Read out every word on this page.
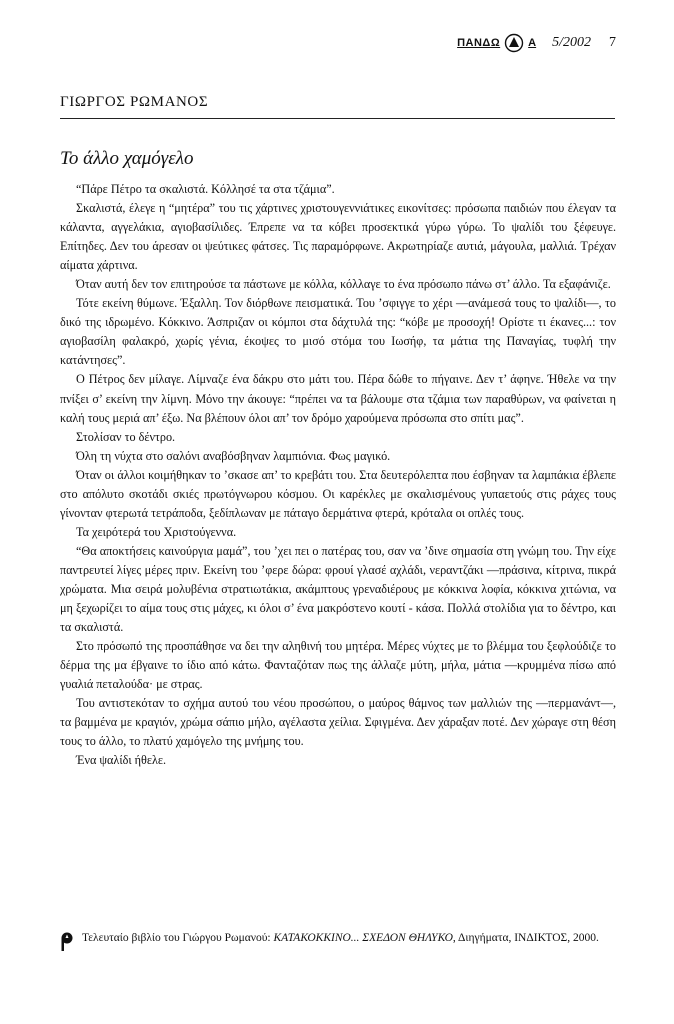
ΠΑΝΔΩ	Α 5/2002 7
ΓΙΩΡΓΟΣ ΡΩΜΑΝΟΣ
Το άλλο χαμόγελο

“Πάρε Πέτρο τα σκαλιστά. Κόλλησέ τα στα τζάμια”.

Σκαλιστά, έλεγε η “μητέρα” του τις χάρτινες χριστουγεννιάτικες εικονίτσες: πρόσωπα παιδιών που έλεγαν τα κάλαντα, αγγελάκια, αγιοβασίλιδες. Έπρεπε να τα κόβει προσεκτικά γύρω γύρω. Το ψαλίδι του ξέφευγε. Επίτηδες. Δεν του άρεσαν οι ψεύτικες φάτσες. Τις παραμόρφωνε. Ακρωτηρίαζε αυτιά, μάγουλα, μαλλιά. Τρέχαν αίματα χάρτινα.

Όταν αυτή δεν τον επιτηρούσε τα πάστωνε με κόλλα, κόλλαγε το ένα πρόσωπο πάνω στ’ άλλο. Τα εξαφάνιζε.

Τότε εκείνη θύμωνε. Έξαλλη. Τον διόρθωνε πεισματικά. Του ’σφιγγε το χέρι —ανάμεσά τους το ψαλίδι—, το δικό της ιδρωμένο. Κόκκινο. Άσπριζαν οι κόμποι στα δάχτυλά της: “κόβε με προσοχή! Ορίστε τι έκανες...: τον αγιοβασίλη φαλακρό, χωρίς γένια, έκοψες το μισό στόμα του Ιωσήφ, τα μάτια της Παναγίας, τυφλή την κατάντησες”.

Ο Πέτρος δεν μίλαγε. Λίμναζε ένα δάκρυ στο μάτι του. Πέρα δώθε το πήγαινε. Δεν τ’ άφηνε. Ήθελε να την πνίξει σ’ εκείνη την λίμνη. Μόνο την άκουγε: “πρέπει να τα βάλουμε στα τζάμια των παραθύρων, να φαίνεται η καλή τους μεριά απ’ έξω. Να βλέπουν όλοι απ’ τον δρόμο χαρούμενα πρόσωπα στο σπίτι μας”.

Στολίσαν το δέντρο.

Όλη τη νύχτα στο σαλόνι αναβόσβηναν λαμπιόνια. Φως μαγικό.

Όταν οι άλλοι κοιμήθηκαν το ’σκασε απ’ το κρεβάτι του. Στα δευτερόλεπτα που έσβηναν τα λαμπάκια έβλεπε στο απόλυτο σκοτάδι σκιές πρωτόγνωρου κόσμου. Οι καρέκλες με σκαλισμένους γυπαετούς στις ράχες τους γίνονταν φτερωτά τετράποδα, ξεδίπλωναν με πάταγο δερμάτινα φτερά, κρόταλα οι οπλές τους.

Τα χειρότερά του Χριστούγεννα.

“Θα αποκτήσεις καινούργια μαμά”, του ’χει πει ο πατέρας του, σαν να ’δινε σημασία στη γνώμη του. Την είχε παντρευτεί λίγες μέρες πριν. Εκείνη του ’φερε δώρα: φρουί γλασέ αχλάδι, νεραντζάκι —πράσινα, κίτρινα, πικρά χρώματα. Μια σειρά μολυβένια στρατιωτάκια, ακάμπτους γρεναδιέρους με κόκκινα λοφία, κόκκινα χιτώνια, να μη ξεχωρίζει το αίμα τους στις μάχες, κι όλοι σ’ ένα μακρόστενο κουτί - κάσα. Πολλά στολίδια για το δέντρο, και τα σκαλιστά.

Στο πρόσωπό της προσπάθησε να δει την αληθινή του μητέρα. Μέρες νύχτες με το βλέμμα του ξεφλούδιζε το δέρμα της μα έβγαινε το ίδιο από κάτω. Φανταζόταν πως της άλλαζε μύτη, μήλα, μάτια —κρυμμένα πίσω από γυαλιά πεταλούδα· με στρας.

Του αντιστεκόταν το σχήμα αυτού του νέου προσώπου, ο μαύρος θάμνος των μαλλιών της —περμανάντ—, τα βαμμένα με κραγιόν, χρώμα σάπιο μήλο, αγέλαστα χείλια. Σφιγμένα. Δεν χάραξαν ποτέ. Δεν χώραγε στη θέση τους το άλλο, το πλατύ χαμόγελο της μνήμης του.

Ένα ψαλίδι ήθελε.

Τελευταίο βιβλίο του Γιώργου Ρωμανού: ΚΑΤΑΚΟΚΚΙΝΟ... ΣΧΕΔΟΝ ΘΗΛΥΚΟ, Διηγήματα, ΙΝΔΙΚΤΟΣ, 2000.
